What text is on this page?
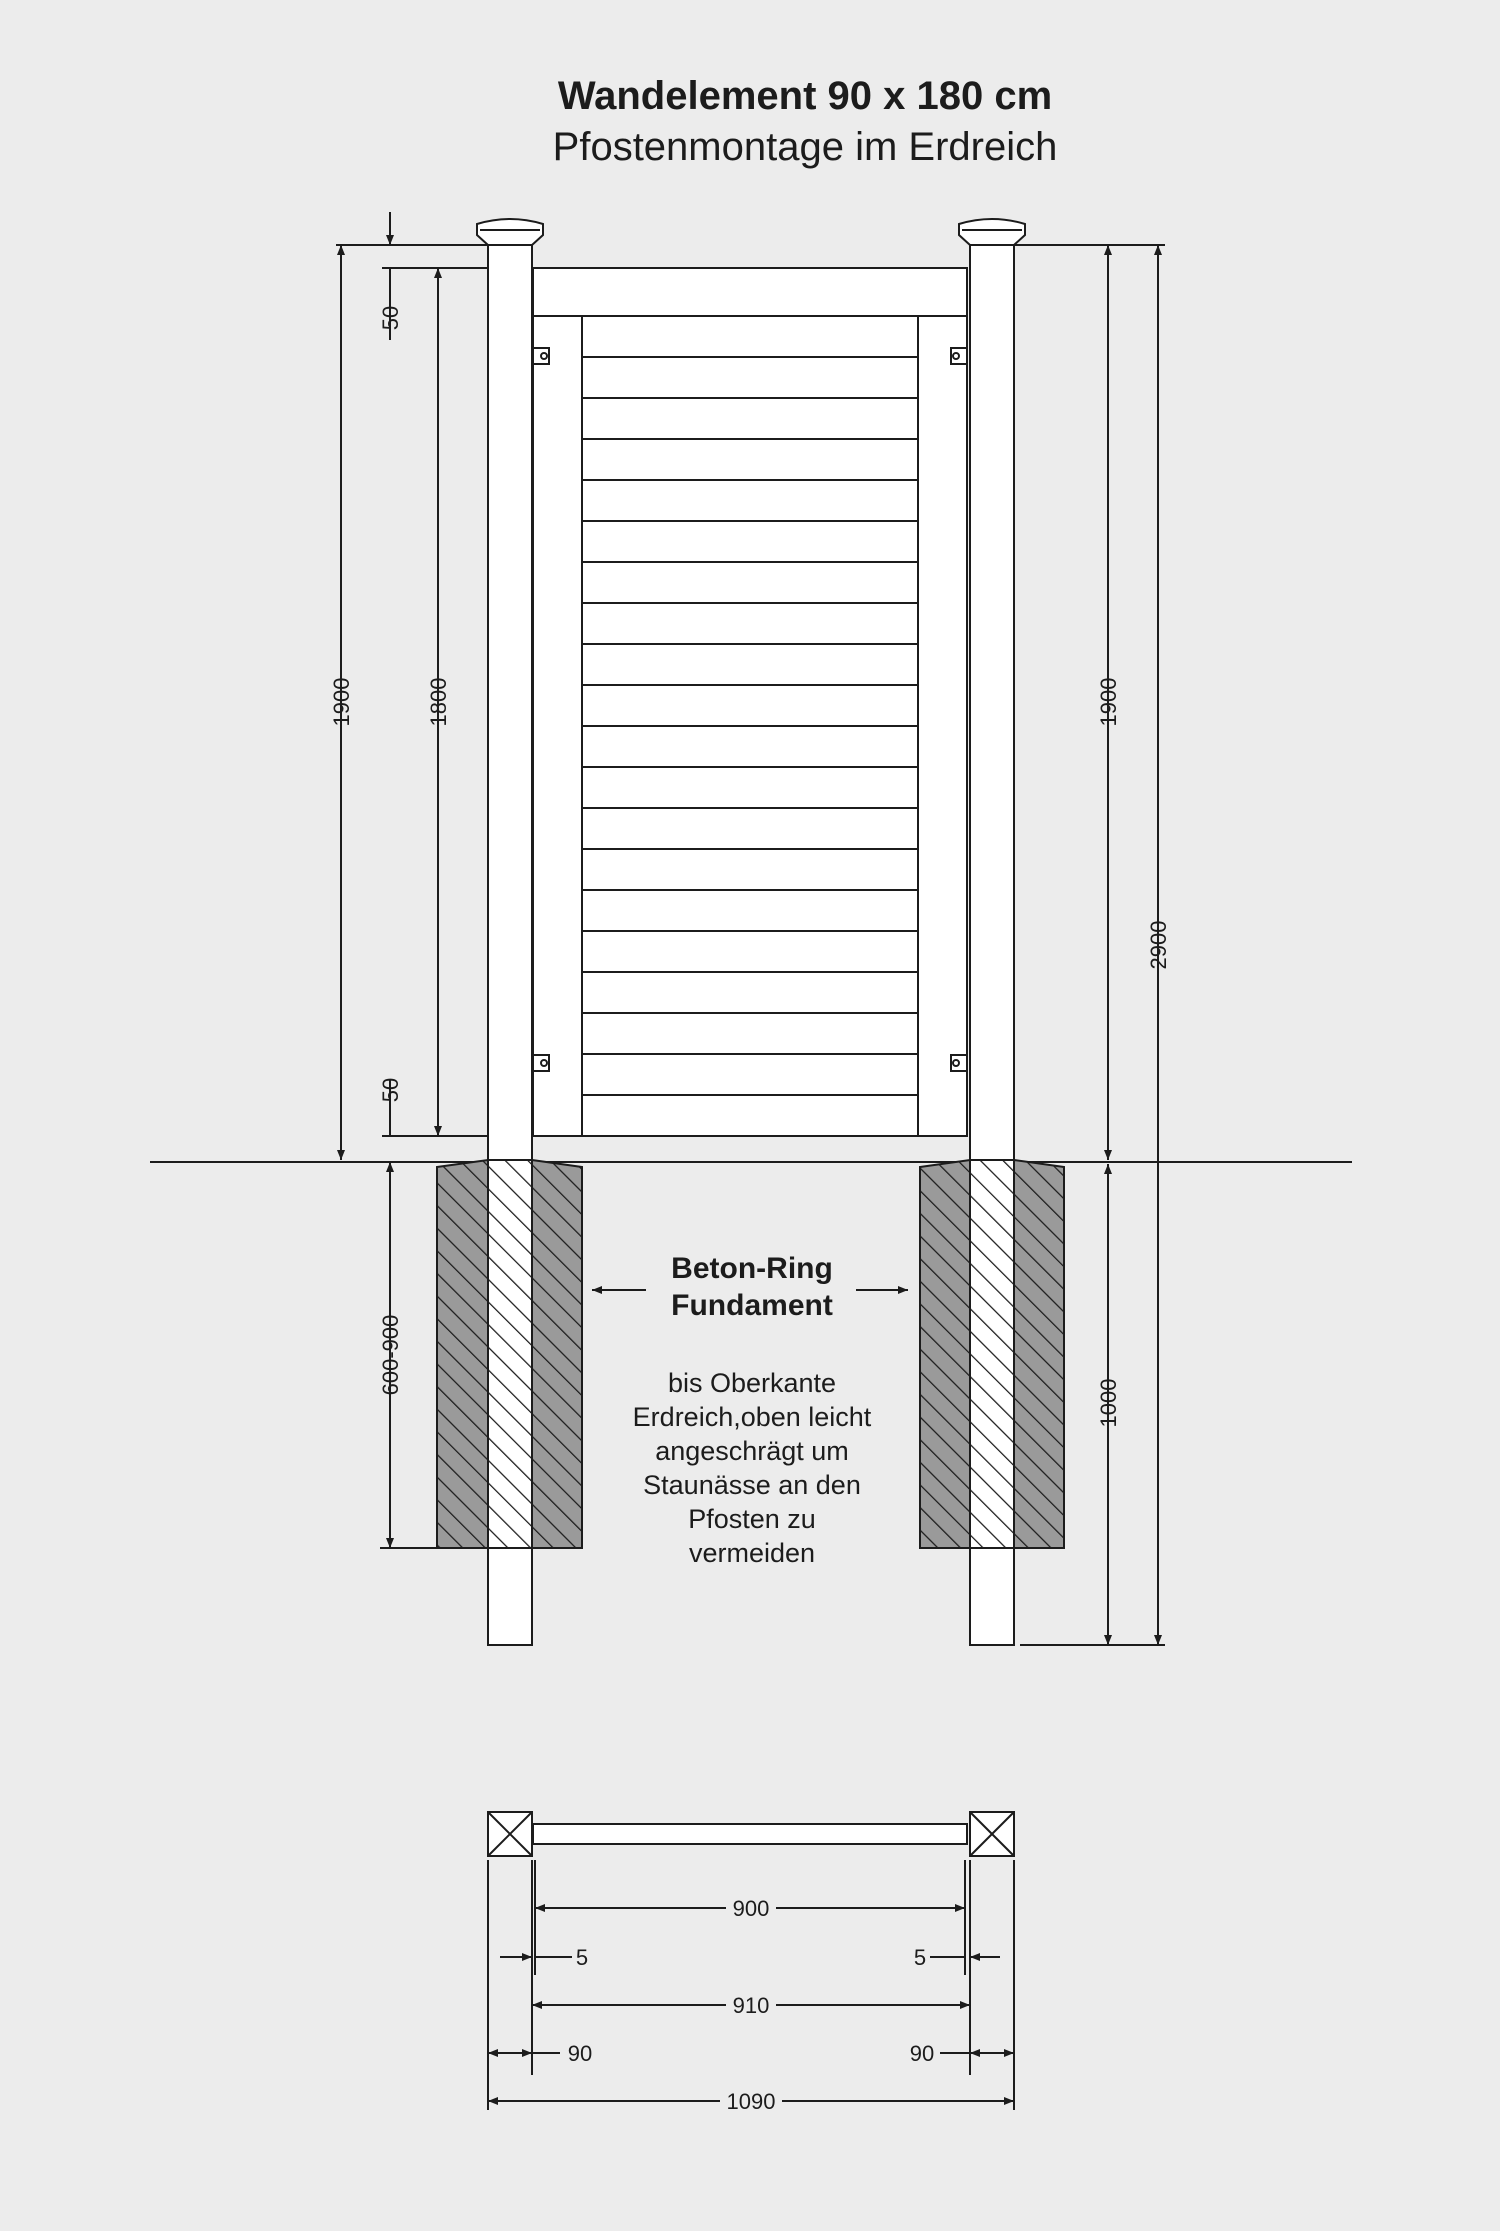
Wandelement 90 x 180 cm
Pfostenmontage im Erdreich
1900	1800
50
50
600-900
1900
2900
1000
Beton-Ring
Fundament
bis Oberkante
Erdreich,oben leicht
angeschrägt um
Staunässe an den
Pfosten zu
vermeiden
900
5	5
910
90	90
1090
